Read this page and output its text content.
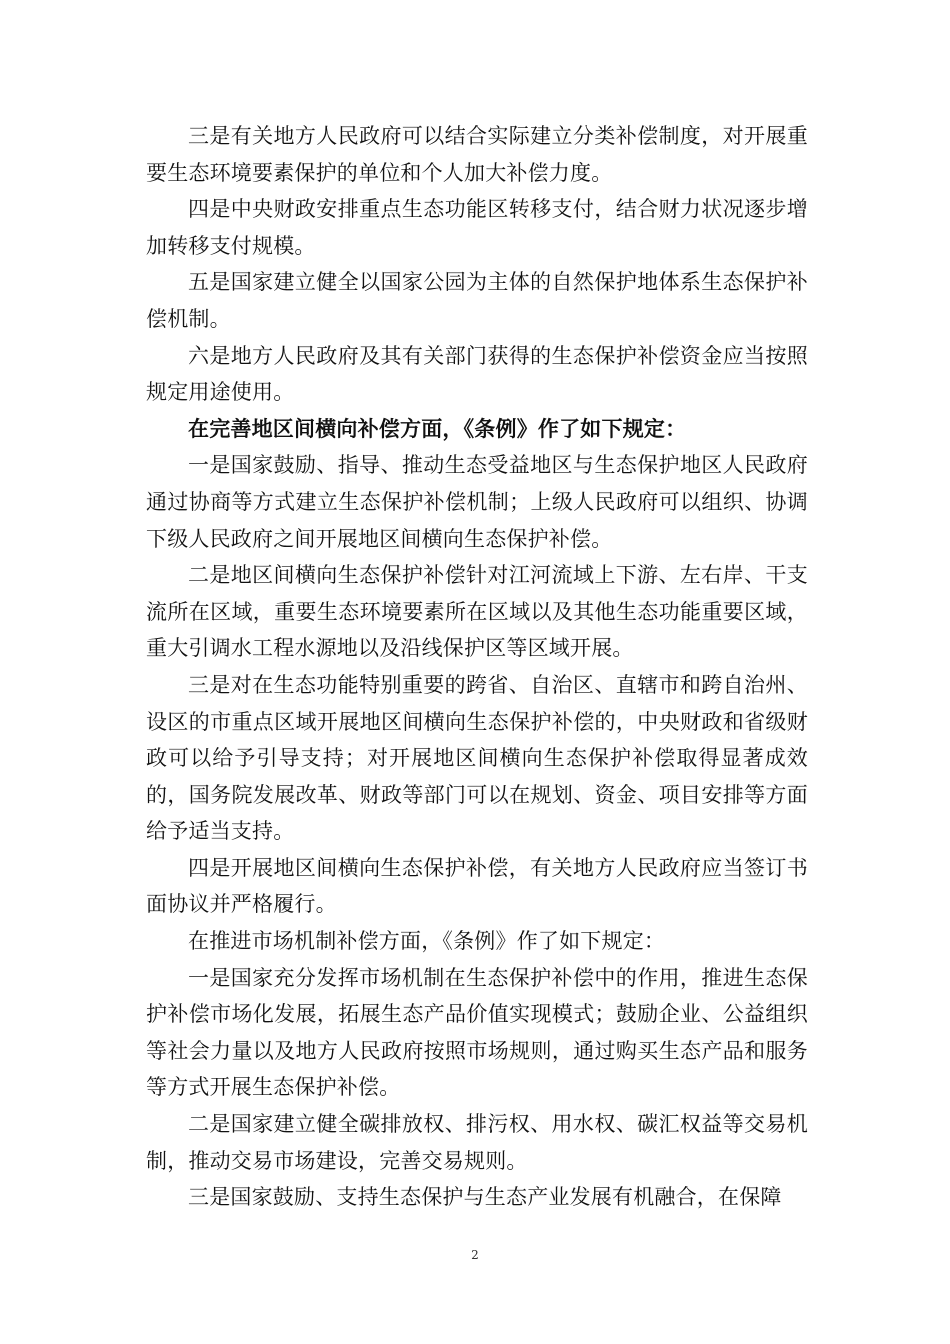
三是有关地方人民政府可以结合实际建立分类补偿制度，对开展重要生态环境要素保护的单位和个人加大补偿力度。

四是中央财政安排重点生态功能区转移支付，结合财力状况逐步增加转移支付规模。

五是国家建立健全以国家公园为主体的自然保护地体系生态保护补偿机制。

六是地方人民政府及其有关部门获得的生态保护补偿资金应当按照规定用途使用。

在完善地区间横向补偿方面，《条例》作了如下规定：

一是国家鼓励、指导、推动生态受益地区与生态保护地区人民政府通过协商等方式建立生态保护补偿机制；上级人民政府可以组织、协调下级人民政府之间开展地区间横向生态保护补偿。

二是地区间横向生态保护补偿针对江河流域上下游、左右岸、干支流所在区域，重要生态环境要素所在区域以及其他生态功能重要区域，重大引调水工程水源地以及沿线保护区等区域开展。

三是对在生态功能特别重要的跨省、自治区、直辖市和跨自治州、设区的市重点区域开展地区间横向生态保护补偿的，中央财政和省级财政可以给予引导支持；对开展地区间横向生态保护补偿取得显著成效的，国务院发展改革、财政等部门可以在规划、资金、项目安排等方面给予适当支持。

四是开展地区间横向生态保护补偿，有关地方人民政府应当签订书面协议并严格履行。

在推进市场机制补偿方面，《条例》作了如下规定：

一是国家充分发挥市场机制在生态保护补偿中的作用，推进生态保护补偿市场化发展，拓展生态产品价值实现模式；鼓励企业、公益组织等社会力量以及地方人民政府按照市场规则，通过购买生态产品和服务等方式开展生态保护补偿。

二是国家建立健全碳排放权、排污权、用水权、碳汇权益等交易机制，推动交易市场建设，完善交易规则。

三是国家鼓励、支持生态保护与生态产业发展有机融合，在保障

2
